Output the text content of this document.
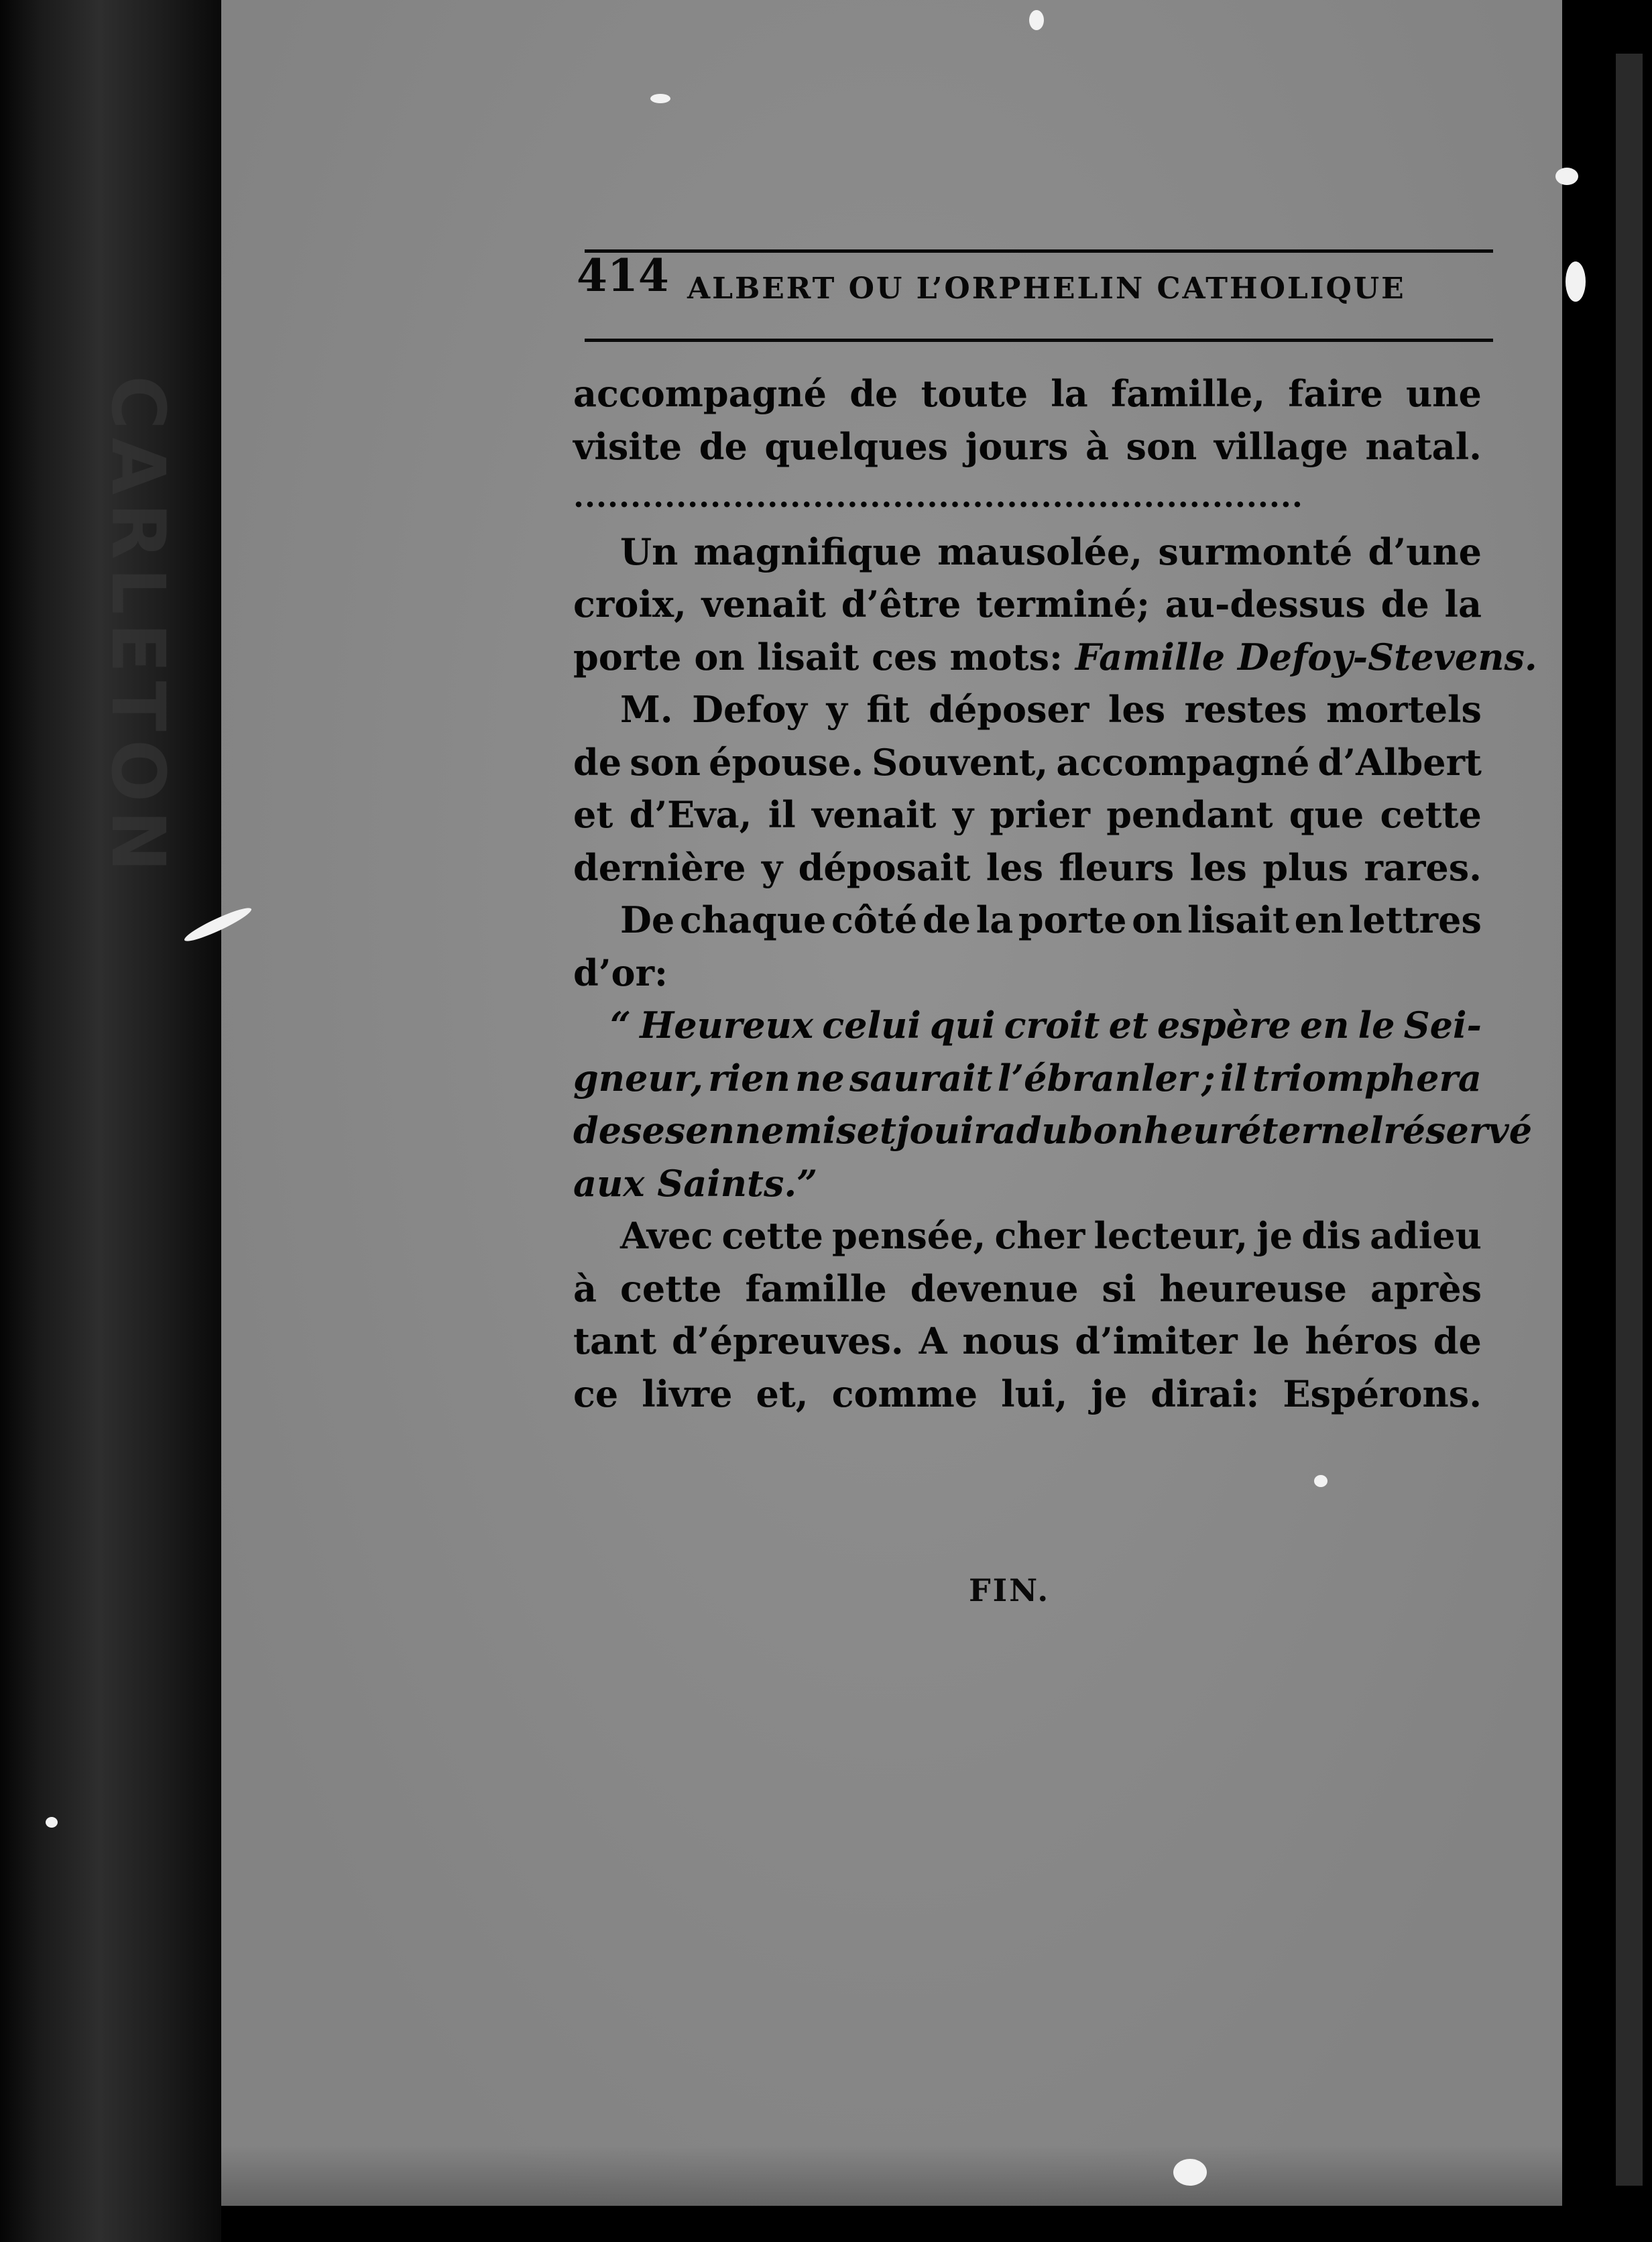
CARLETON

414 ALBERT OU L’ORPHELIN CATHOLIQUE
accompagné de toute la famille, faire une
visite de quelques jours à son village natal.
................................................................
Un magnifique mausolée, surmonté d’une
croix, venait d’être terminé; au-dessus de la
porte on lisait ces mots: Famille Defoy-Stevens.
M. Defoy y fit déposer les restes mortels
de son épouse. Souvent, accompagné d’Albert
et d’Eva, il venait y prier pendant que cette
dernière y déposait les fleurs les plus rares.
De chaque côté de la porte on lisait en lettres
d’or:
“ Heureux celui qui croit et espère en le Sei-
gneur, rien ne saurait l’ébranler ; il triomphera
de ses ennemis et jouira du bonheur éternel réservé
aux Saints.”
Avec cette pensée, cher lecteur, je dis adieu
à cette famille devenue si heureuse après
tant d’épreuves. A nous d’imiter le héros de
ce livre et, comme lui, je dirai: Espérons.
FIN.
